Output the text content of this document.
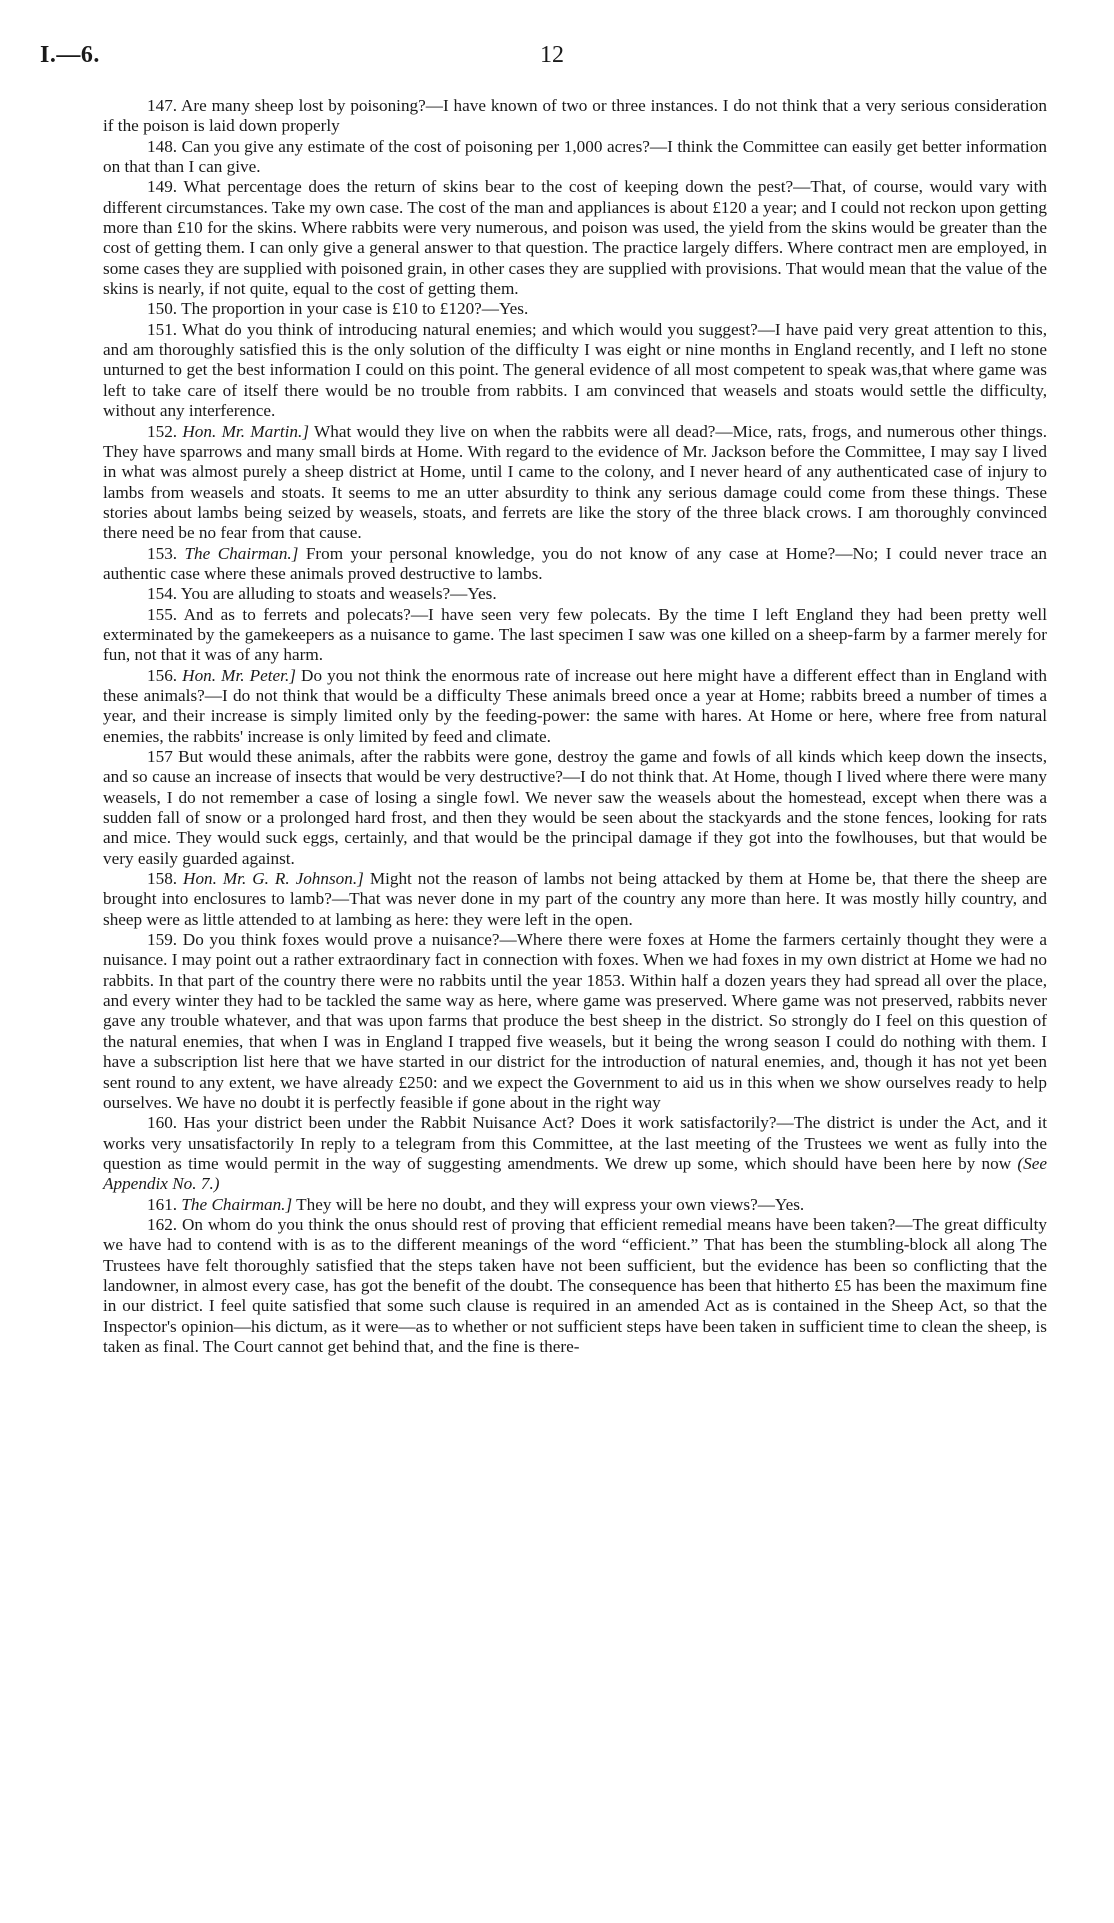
I.—6.	12

147. Are many sheep lost by poisoning?—I have known of two or three instances. I do not think that a very serious consideration if the poison is laid down properly

148. Can you give any estimate of the cost of poisoning per 1,000 acres?—I think the Committee can easily get better information on that than I can give.

149. What percentage does the return of skins bear to the cost of keeping down the pest?—That, of course, would vary with different circumstances. Take my own case. The cost of the man and appliances is about £120 a year; and I could not reckon upon getting more than £10 for the skins. Where rabbits were very numerous, and poison was used, the yield from the skins would be greater than the cost of getting them. I can only give a general answer to that question. The practice largely differs. Where contract men are employed, in some cases they are supplied with poisoned grain, in other cases they are supplied with provisions. That would mean that the value of the skins is nearly, if not quite, equal to the cost of getting them.

150. The proportion in your case is £10 to £120?—Yes.

151. What do you think of introducing natural enemies; and which would you suggest?—I have paid very great attention to this, and am thoroughly satisfied this is the only solution of the difficulty I was eight or nine months in England recently, and I left no stone unturned to get the best information I could on this point. The general evidence of all most competent to speak was,that where game was left to take care of itself there would be no trouble from rabbits. I am convinced that weasels and stoats would settle the difficulty, without any interference.

152. Hon. Mr. Martin.] What would they live on when the rabbits were all dead?—Mice, rats, frogs, and numerous other things. They have sparrows and many small birds at Home. With regard to the evidence of Mr. Jackson before the Committee, I may say I lived in what was almost purely a sheep district at Home, until I came to the colony, and I never heard of any authenticated case of injury to lambs from weasels and stoats. It seems to me an utter absurdity to think any serious damage could come from these things. These stories about lambs being seized by weasels, stoats, and ferrets are like the story of the three black crows. I am thoroughly convinced there need be no fear from that cause.

153. The Chairman.] From your personal knowledge, you do not know of any case at Home?—No; I could never trace an authentic case where these animals proved destructive to lambs.

154. You are alluding to stoats and weasels?—Yes.

155. And as to ferrets and polecats?—I have seen very few polecats. By the time I left England they had been pretty well exterminated by the gamekeepers as a nuisance to game. The last specimen I saw was one killed on a sheep-farm by a farmer merely for fun, not that it was of any harm.

156. Hon. Mr. Peter.] Do you not think the enormous rate of increase out here might have a different effect than in England with these animals?—I do not think that would be a difficulty These animals breed once a year at Home; rabbits breed a number of times a year, and their increase is simply limited only by the feeding-power: the same with hares. At Home or here, where free from natural enemies, the rabbits' increase is only limited by feed and climate.

157 But would these animals, after the rabbits were gone, destroy the game and fowls of all kinds which keep down the insects, and so cause an increase of insects that would be very destructive?—I do not think that. At Home, though I lived where there were many weasels, I do not remember a case of losing a single fowl. We never saw the weasels about the homestead, except when there was a sudden fall of snow or a prolonged hard frost, and then they would be seen about the stackyards and the stone fences, looking for rats and mice. They would suck eggs, certainly, and that would be the principal damage if they got into the fowlhouses, but that would be very easily guarded against.

158. Hon. Mr. G. R. Johnson.] Might not the reason of lambs not being attacked by them at Home be, that there the sheep are brought into enclosures to lamb?—That was never done in my part of the country any more than here. It was mostly hilly country, and sheep were as little attended to at lambing as here: they were left in the open.

159. Do you think foxes would prove a nuisance?—Where there were foxes at Home the farmers certainly thought they were a nuisance. I may point out a rather extraordinary fact in connection with foxes. When we had foxes in my own district at Home we had no rabbits. In that part of the country there were no rabbits until the year 1853. Within half a dozen years they had spread all over the place, and every winter they had to be tackled the same way as here, where game was preserved. Where game was not preserved, rabbits never gave any trouble whatever, and that was upon farms that produce the best sheep in the district. So strongly do I feel on this question of the natural enemies, that when I was in England I trapped five weasels, but it being the wrong season I could do nothing with them. I have a subscription list here that we have started in our district for the introduction of natural enemies, and, though it has not yet been sent round to any extent, we have already £250: and we expect the Government to aid us in this when we show ourselves ready to help ourselves. We have no doubt it is perfectly feasible if gone about in the right way

160. Has your district been under the Rabbit Nuisance Act? Does it work satisfactorily?—The district is under the Act, and it works very unsatisfactorily In reply to a telegram from this Committee, at the last meeting of the Trustees we went as fully into the question as time would permit in the way of suggesting amendments. We drew up some, which should have been here by now (See Appendix No. 7.)

161. The Chairman.] They will be here no doubt, and they will express your own views?—Yes.

162. On whom do you think the onus should rest of proving that efficient remedial means have been taken?—The great difficulty we have had to contend with is as to the different meanings of the word “efficient.” That has been the stumbling-block all along The Trustees have felt thoroughly satisfied that the steps taken have not been sufficient, but the evidence has been so conflicting that the landowner, in almost every case, has got the benefit of the doubt. The consequence has been that hitherto £5 has been the maximum fine in our district. I feel quite satisfied that some such clause is required in an amended Act as is contained in the Sheep Act, so that the Inspector's opinion—his dictum, as it were—as to whether or not sufficient steps have been taken in sufficient time to clean the sheep, is taken as final. The Court cannot get behind that, and the fine is there-
